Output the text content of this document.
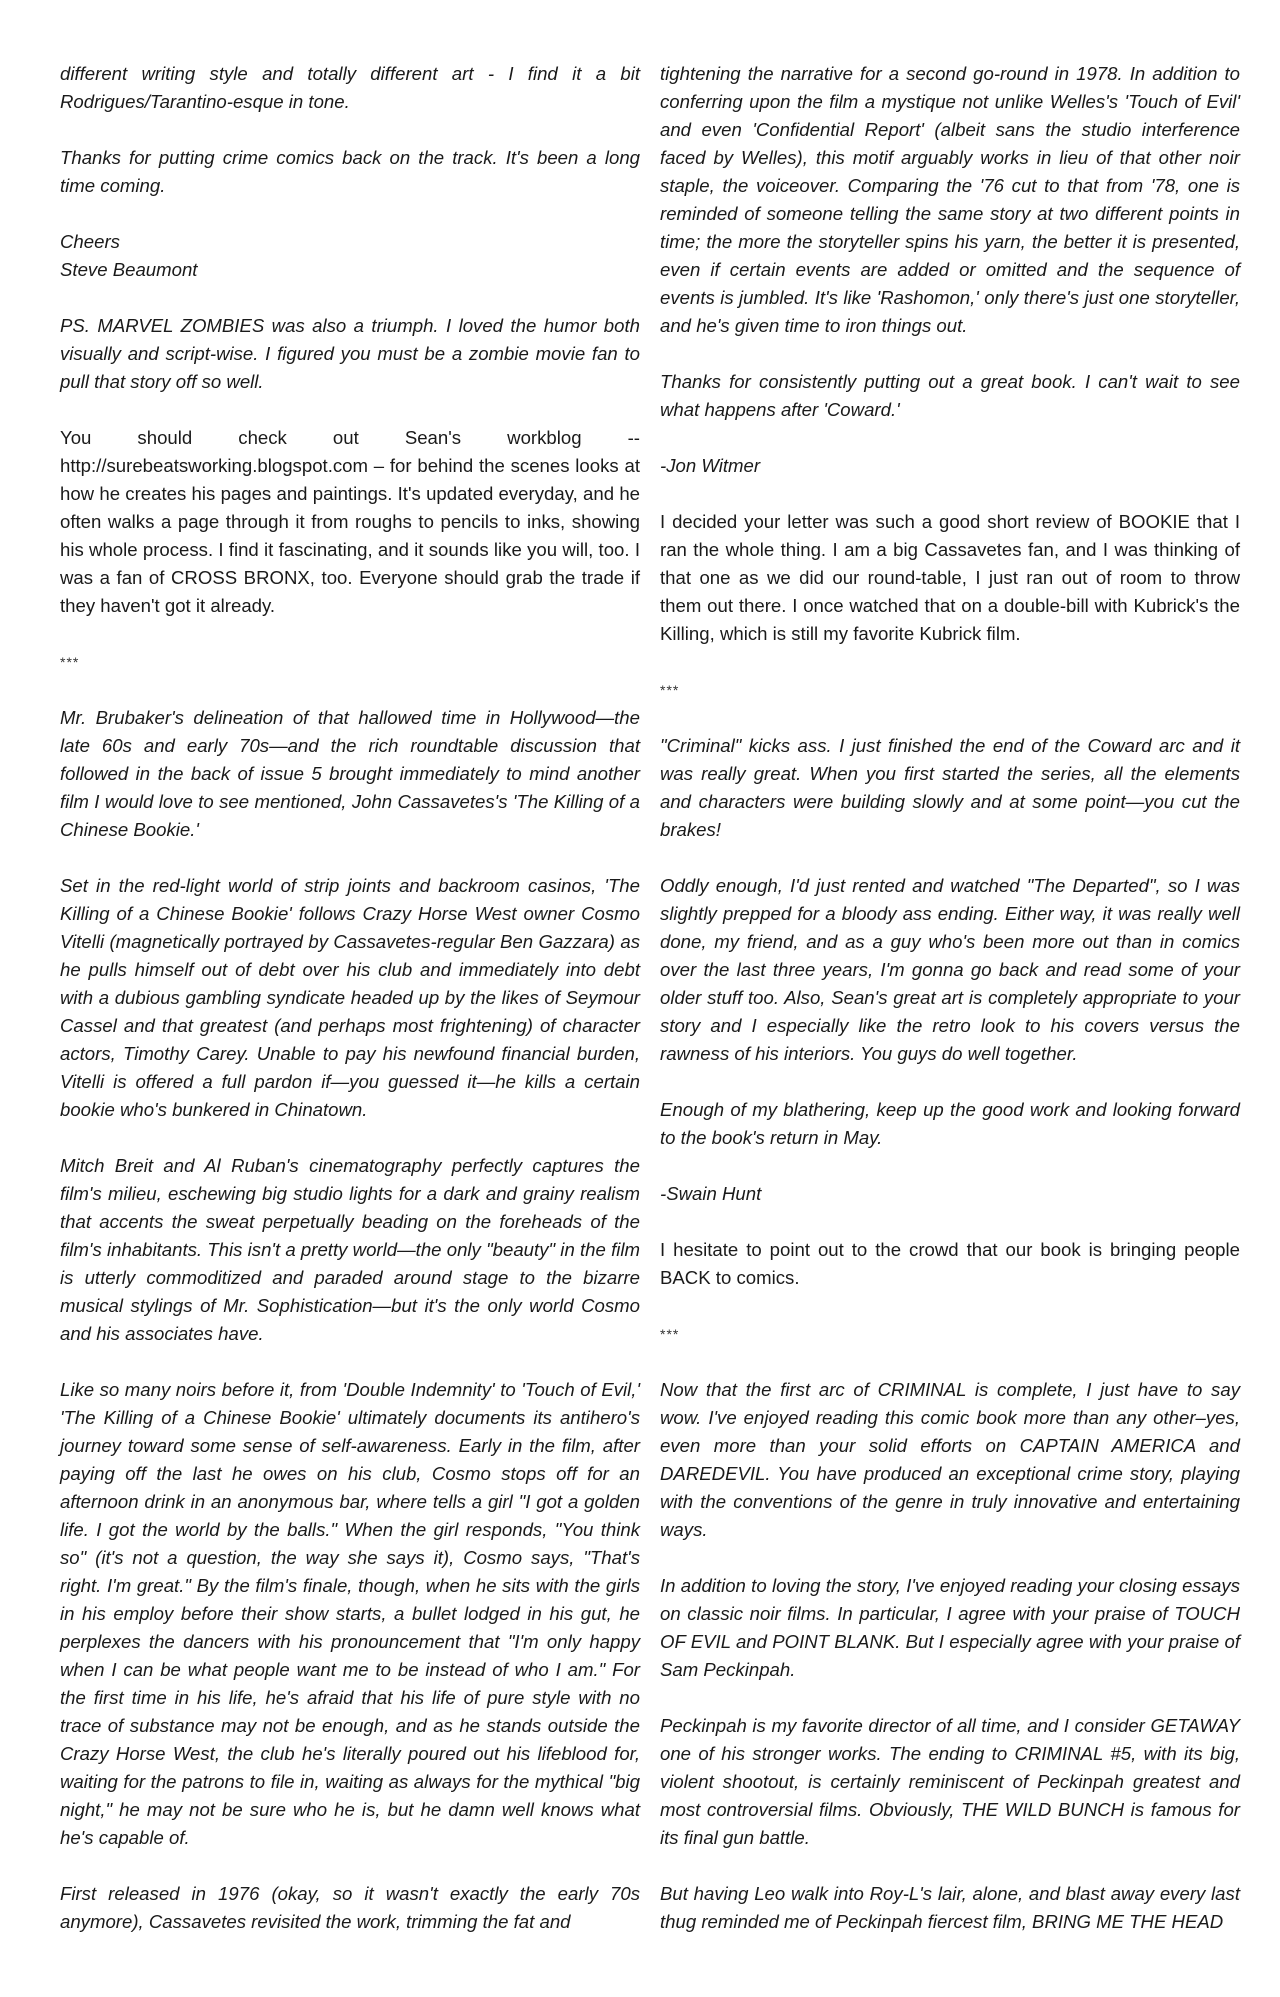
different writing style and totally different art - I find it a bit Rodrigues/Tarantino-esque in tone.

Thanks for putting crime comics back on the track. It's been a long time coming.

Cheers

Steve Beaumont

PS. MARVEL ZOMBIES was also a triumph. I loved the humor both visually and script-wise. I figured you must be a zombie movie fan to pull that story off so well.

You should check out Sean's workblog -- http://surebeatsworking.blogspot.com – for behind the scenes looks at how he creates his pages and paintings. It's updated everyday, and he often walks a page through it from roughs to pencils to inks, showing his whole process. I find it fascinating, and it sounds like you will, too. I was a fan of CROSS BRONX, too. Everyone should grab the trade if they haven't got it already.

***

Mr. Brubaker's delineation of that hallowed time in Hollywood—the late 60s and early 70s—and the rich roundtable discussion that followed in the back of issue 5 brought immediately to mind another film I would love to see mentioned, John Cassavetes's 'The Killing of a Chinese Bookie.'

Set in the red-light world of strip joints and backroom casinos, 'The Killing of a Chinese Bookie' follows Crazy Horse West owner Cosmo Vitelli (magnetically portrayed by Cassavetes-regular Ben Gazzara) as he pulls himself out of debt over his club and immediately into debt with a dubious gambling syndicate headed up by the likes of Seymour Cassel and that greatest (and perhaps most frightening) of character actors, Timothy Carey. Unable to pay his newfound financial burden, Vitelli is offered a full pardon if—you guessed it—he kills a certain bookie who's bunkered in Chinatown.

Mitch Breit and Al Ruban's cinematography perfectly captures the film's milieu, eschewing big studio lights for a dark and grainy realism that accents the sweat perpetually beading on the foreheads of the film's inhabitants. This isn't a pretty world—the only "beauty" in the film is utterly commoditized and paraded around stage to the bizarre musical stylings of Mr. Sophistication—but it's the only world Cosmo and his associates have.

Like so many noirs before it, from 'Double Indemnity' to 'Touch of Evil,' 'The Killing of a Chinese Bookie' ultimately documents its antihero's journey toward some sense of self-awareness. Early in the film, after paying off the last he owes on his club, Cosmo stops off for an afternoon drink in an anonymous bar, where tells a girl "I got a golden life. I got the world by the balls." When the girl responds, "You think so" (it's not a question, the way she says it), Cosmo says, "That's right. I'm great." By the film's finale, though, when he sits with the girls in his employ before their show starts, a bullet lodged in his gut, he perplexes the dancers with his pronouncement that "I'm only happy when I can be what people want me to be instead of who I am." For the first time in his life, he's afraid that his life of pure style with no trace of substance may not be enough, and as he stands outside the Crazy Horse West, the club he's literally poured out his lifeblood for, waiting for the patrons to file in, waiting as always for the mythical "big night," he may not be sure who he is, but he damn well knows what he's capable of.

First released in 1976 (okay, so it wasn't exactly the early 70s anymore), Cassavetes revisited the work, trimming the fat and

tightening the narrative for a second go-round in 1978. In addition to conferring upon the film a mystique not unlike Welles's 'Touch of Evil' and even 'Confidential Report' (albeit sans the studio interference faced by Welles), this motif arguably works in lieu of that other noir staple, the voiceover. Comparing the '76 cut to that from '78, one is reminded of someone telling the same story at two different points in time; the more the storyteller spins his yarn, the better it is presented, even if certain events are added or omitted and the sequence of events is jumbled. It's like 'Rashomon,' only there's just one storyteller, and he's given time to iron things out.

Thanks for consistently putting out a great book. I can't wait to see what happens after 'Coward.'

-Jon Witmer

I decided your letter was such a good short review of BOOKIE that I ran the whole thing. I am a big Cassavetes fan, and I was thinking of that one as we did our round-table, I just ran out of room to throw them out there. I once watched that on a double-bill with Kubrick's the Killing, which is still my favorite Kubrick film.

***

"Criminal" kicks ass. I just finished the end of the Coward arc and it was really great. When you first started the series, all the elements and characters were building slowly and at some point—you cut the brakes!

Oddly enough, I'd just rented and watched "The Departed", so I was slightly prepped for a bloody ass ending. Either way, it was really well done, my friend, and as a guy who's been more out than in comics over the last three years, I'm gonna go back and read some of your older stuff too. Also, Sean's great art is completely appropriate to your story and I especially like the retro look to his covers versus the rawness of his interiors. You guys do well together.

Enough of my blathering, keep up the good work and looking forward to the book's return in May.

-Swain Hunt

I hesitate to point out to the crowd that our book is bringing people BACK to comics.

***

Now that the first arc of CRIMINAL is complete, I just have to say wow. I've enjoyed reading this comic book more than any other–yes, even more than your solid efforts on CAPTAIN AMERICA and DAREDEVIL. You have produced an exceptional crime story, playing with the conventions of the genre in truly innovative and entertaining ways.

In addition to loving the story, I've enjoyed reading your closing essays on classic noir films. In particular, I agree with your praise of TOUCH OF EVIL and POINT BLANK. But I especially agree with your praise of Sam Peckinpah.

Peckinpah is my favorite director of all time, and I consider GETAWAY one of his stronger works. The ending to CRIMINAL #5, with its big, violent shootout, is certainly reminiscent of Peckinpah greatest and most controversial films. Obviously, THE WILD BUNCH is famous for its final gun battle.

But having Leo walk into Roy-L's lair, alone, and blast away every last thug reminded me of Peckinpah fiercest film, BRING ME THE HEAD
